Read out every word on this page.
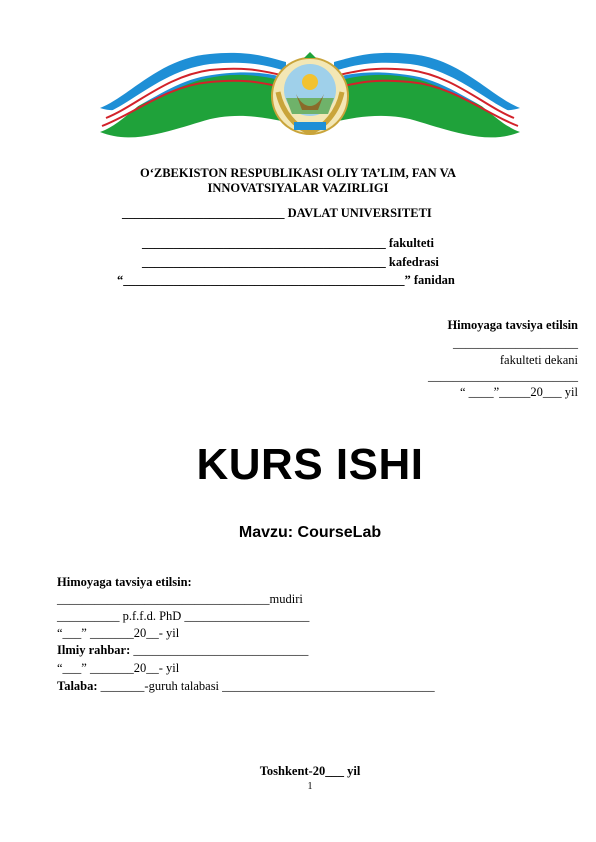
O‘ZBEKISTON RESPUBLIKASI OLIY TA’LIM, FAN VA
INNOVATSIYALAR VAZIRLIGI
__________________________ DAVLAT UNIVERSITETI
_______________________________________ fakulteti
_______________________________________ kafedrasi
“_____________________________________________” fanidan
Himoyaga tavsiya etilsin
____________________
fakulteti dekani
________________________
“ ____”_____20___ yil
KURS ISHI
Mavzu: CourseLab
Himoyaga tavsiya etilsin:
__________________________________mudiri
__________ p.f.f.d. PhD ____________________
“___” _______20__- yil
Ilmiy rahbar: ____________________________
“___” _______20__- yil
Talaba: _______-guruh talabasi __________________________________
Toshkent-20___ yil
1
